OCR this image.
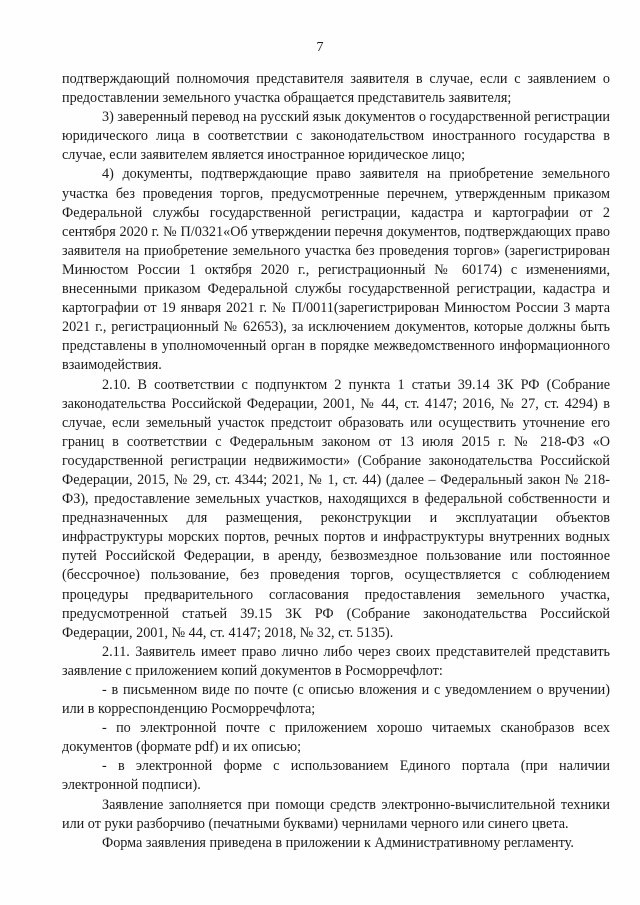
7

подтверждающий полномочия представителя заявителя в случае, если с заявлением о предоставлении земельного участка обращается представитель заявителя;

3) заверенный перевод на русский язык документов о государственной регистрации юридического лица в соответствии с законодательством иностранного государства в случае, если заявителем является иностранное юридическое лицо;

4) документы, подтверждающие право заявителя на приобретение земельного участка без проведения торгов, предусмотренные перечнем, утвержденным приказом Федеральной службы государственной регистрации, кадастра и картографии от 2 сентября 2020 г. № П/0321«Об утверждении перечня документов, подтверждающих право заявителя на приобретение земельного участка без проведения торгов» (зарегистрирован Минюстом России 1 октября 2020 г., регистрационный № 60174) с изменениями, внесенными приказом Федеральной службы государственной регистрации, кадастра и картографии от 19 января 2021 г. № П/0011(зарегистрирован Минюстом России 3 марта 2021 г., регистрационный № 62653), за исключением документов, которые должны быть представлены в уполномоченный орган в порядке межведомственного информационного взаимодействия.

2.10. В соответствии с подпунктом 2 пункта 1 статьи 39.14 ЗК РФ (Собрание законодательства Российской Федерации, 2001, № 44, ст. 4147; 2016, № 27, ст. 4294) в случае, если земельный участок предстоит образовать или осуществить уточнение его границ в соответствии с Федеральным законом от 13 июля 2015 г. № 218-ФЗ «О государственной регистрации недвижимости» (Собрание законодательства Российской Федерации, 2015, № 29, ст. 4344; 2021, № 1, ст. 44) (далее – Федеральный закон № 218-ФЗ), предоставление земельных участков, находящихся в федеральной собственности и предназначенных для размещения, реконструкции и эксплуатации объектов инфраструктуры морских портов, речных портов и инфраструктуры внутренних водных путей Российской Федерации, в аренду, безвозмездное пользование или постоянное (бессрочное) пользование, без проведения торгов, осуществляется с соблюдением процедуры предварительного согласования предоставления земельного участка, предусмотренной статьей 39.15 ЗК РФ (Собрание законодательства Российской Федерации, 2001, № 44, ст. 4147; 2018, № 32, ст. 5135).

2.11. Заявитель имеет право лично либо через своих представителей представить заявление с приложением копий документов в Росморречфлот:

- в письменном виде по почте (с описью вложения и с уведомлением о вручении) или в корреспонденцию Росморречфлота;

- по электронной почте с приложением хорошо читаемых сканобразов всех документов (формате pdf) и их описью;

- в электронной форме с использованием Единого портала (при наличии электронной подписи).

Заявление заполняется при помощи средств электронно-вычислительной техники или от руки разборчиво (печатными буквами) чернилами черного или синего цвета.

Форма заявления приведена в приложении к Административному регламенту.
